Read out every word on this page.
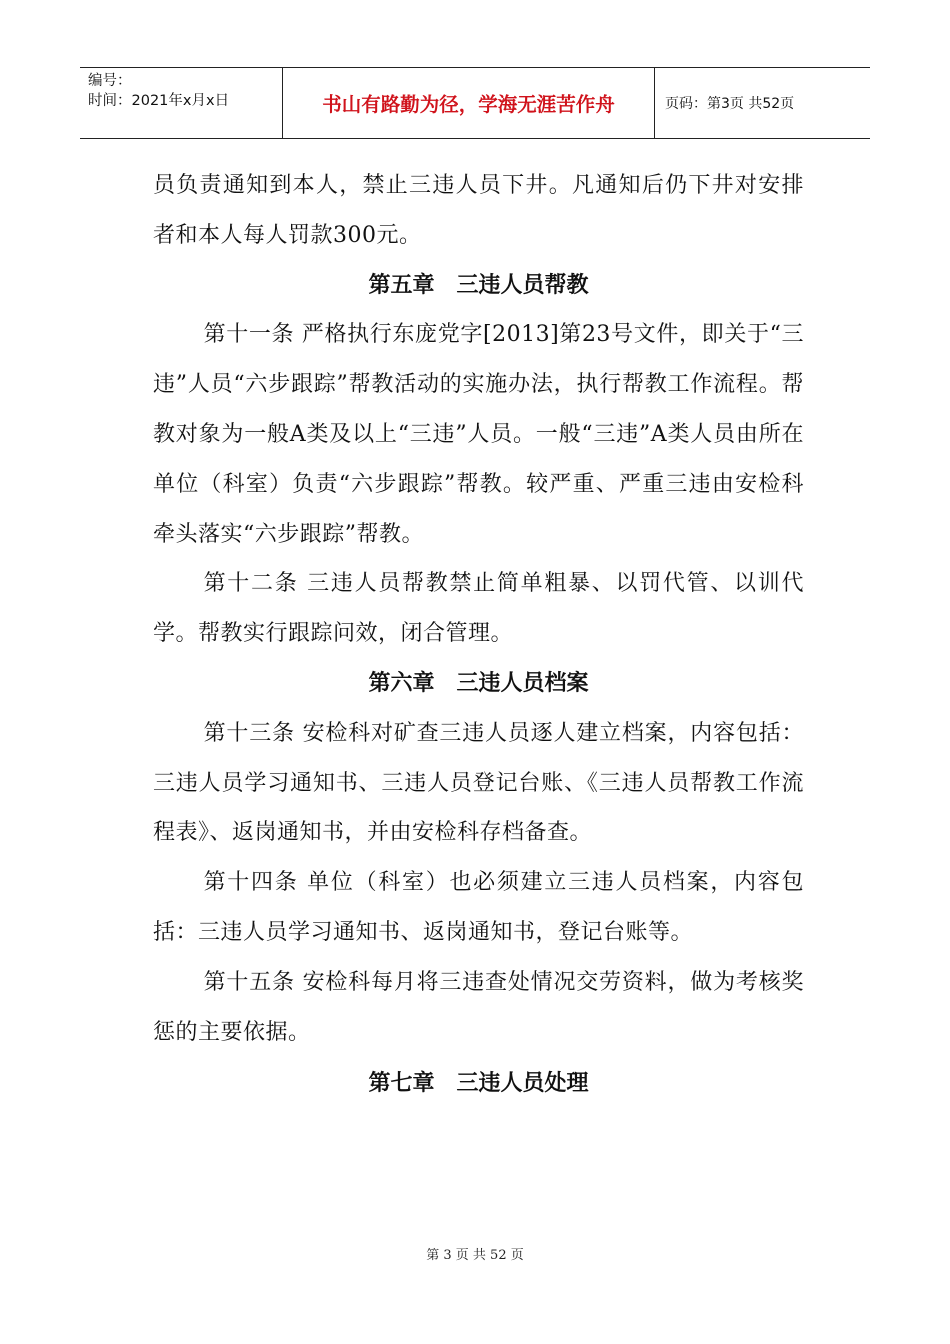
编号：
时间：2021年x月x日	书山有路勤为径，学海无涯苦作舟	页码：第3页 共52页
员负责通知到本人，禁止三违人员下井。凡通知后仍下井对安排者和本人每人罚款300元。
第五章 三违人员帮教
第十一条 严格执行东庞党字[2013]第23号文件，即关于“三违”人员“六步跟踪”帮教活动的实施办法，执行帮教工作流程。帮教对象为一般A类及以上“三违”人员。一般“三违”A类人员由所在单位（科室）负责“六步跟踪”帮教。较严重、严重三违由安检科牵头落实“六步跟踪”帮教。
第十二条 三违人员帮教禁止简单粗暴、以罚代管、以训代学。帮教实行跟踪问效，闭合管理。
第六章 三违人员档案
第十三条 安检科对矿查三违人员逐人建立档案，内容包括：三违人员学习通知书、三违人员登记台账、《三违人员帮教工作流程表》、返岗通知书，并由安检科存档备查。
第十四条 单位（科室）也必须建立三违人员档案，内容包括：三违人员学习通知书、返岗通知书，登记台账等。
第十五条 安检科每月将三违查处情况交劳资料，做为考核奖惩的主要依据。
第七章 三违人员处理
第 3 页 共 52 页
